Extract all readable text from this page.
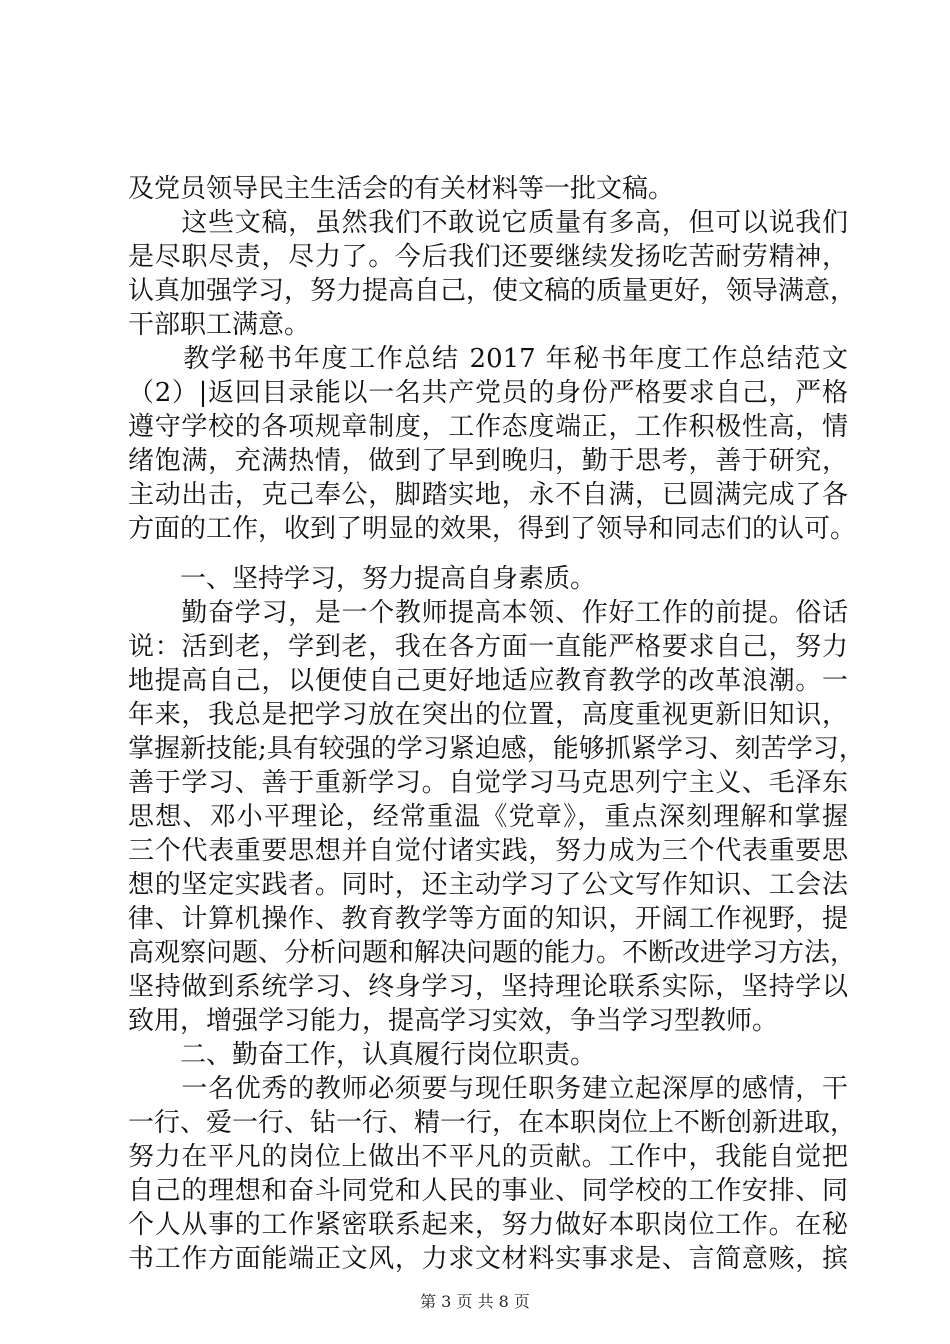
及党员领导民主生活会的有关材料等一批文稿。
　　这些文稿，虽然我们不敢说它质量有多高，但可以说我们
是尽职尽责，尽力了。今后我们还要继续发扬吃苦耐劳精神，
认真加强学习，努力提高自己，使文稿的质量更好，领导满意，
干部职工满意。
　　教学秘书年度工作总结 2017 年秘书年度工作总结范文
（2）|返回目录能以一名共产党员的身份严格要求自己，严格
遵守学校的各项规章制度，工作态度端正，工作积极性高，情
绪饱满，充满热情，做到了早到晚归，勤于思考，善于研究，
主动出击，克己奉公，脚踏实地，永不自满，已圆满完成了各
方面的工作，收到了明显的效果，得到了领导和同志们的认可。
　　一、坚持学习，努力提高自身素质。
　　勤奋学习，是一个教师提高本领、作好工作的前提。俗话
说：活到老，学到老，我在各方面一直能严格要求自己，努力
地提高自己，以便使自己更好地适应教育教学的改革浪潮。一
年来，我总是把学习放在突出的位置，高度重视更新旧知识，
掌握新技能;具有较强的学习紧迫感，能够抓紧学习、刻苦学习，
善于学习、善于重新学习。自觉学习马克思列宁主义、毛泽东
思想、邓小平理论，经常重温《党章》，重点深刻理解和掌握
三个代表重要思想并自觉付诸实践，努力成为三个代表重要思
想的坚定实践者。同时，还主动学习了公文写作知识、工会法
律、计算机操作、教育教学等方面的知识，开阔工作视野，提
高观察问题、分析问题和解决问题的能力。不断改进学习方法，
坚持做到系统学习、终身学习，坚持理论联系实际，坚持学以
致用，增强学习能力，提高学习实效，争当学习型教师。
　　二、勤奋工作，认真履行岗位职责。
　　一名优秀的教师必须要与现任职务建立起深厚的感情，干
一行、爱一行、钻一行、精一行，在本职岗位上不断创新进取，
努力在平凡的岗位上做出不平凡的贡献。工作中，我能自觉把
自己的理想和奋斗同党和人民的事业、同学校的工作安排、同
个人从事的工作紧密联系起来，努力做好本职岗位工作。在秘
书工作方面能端正文风，力求文材料实事求是、言简意赅，摈
第 3 页 共 8 页
